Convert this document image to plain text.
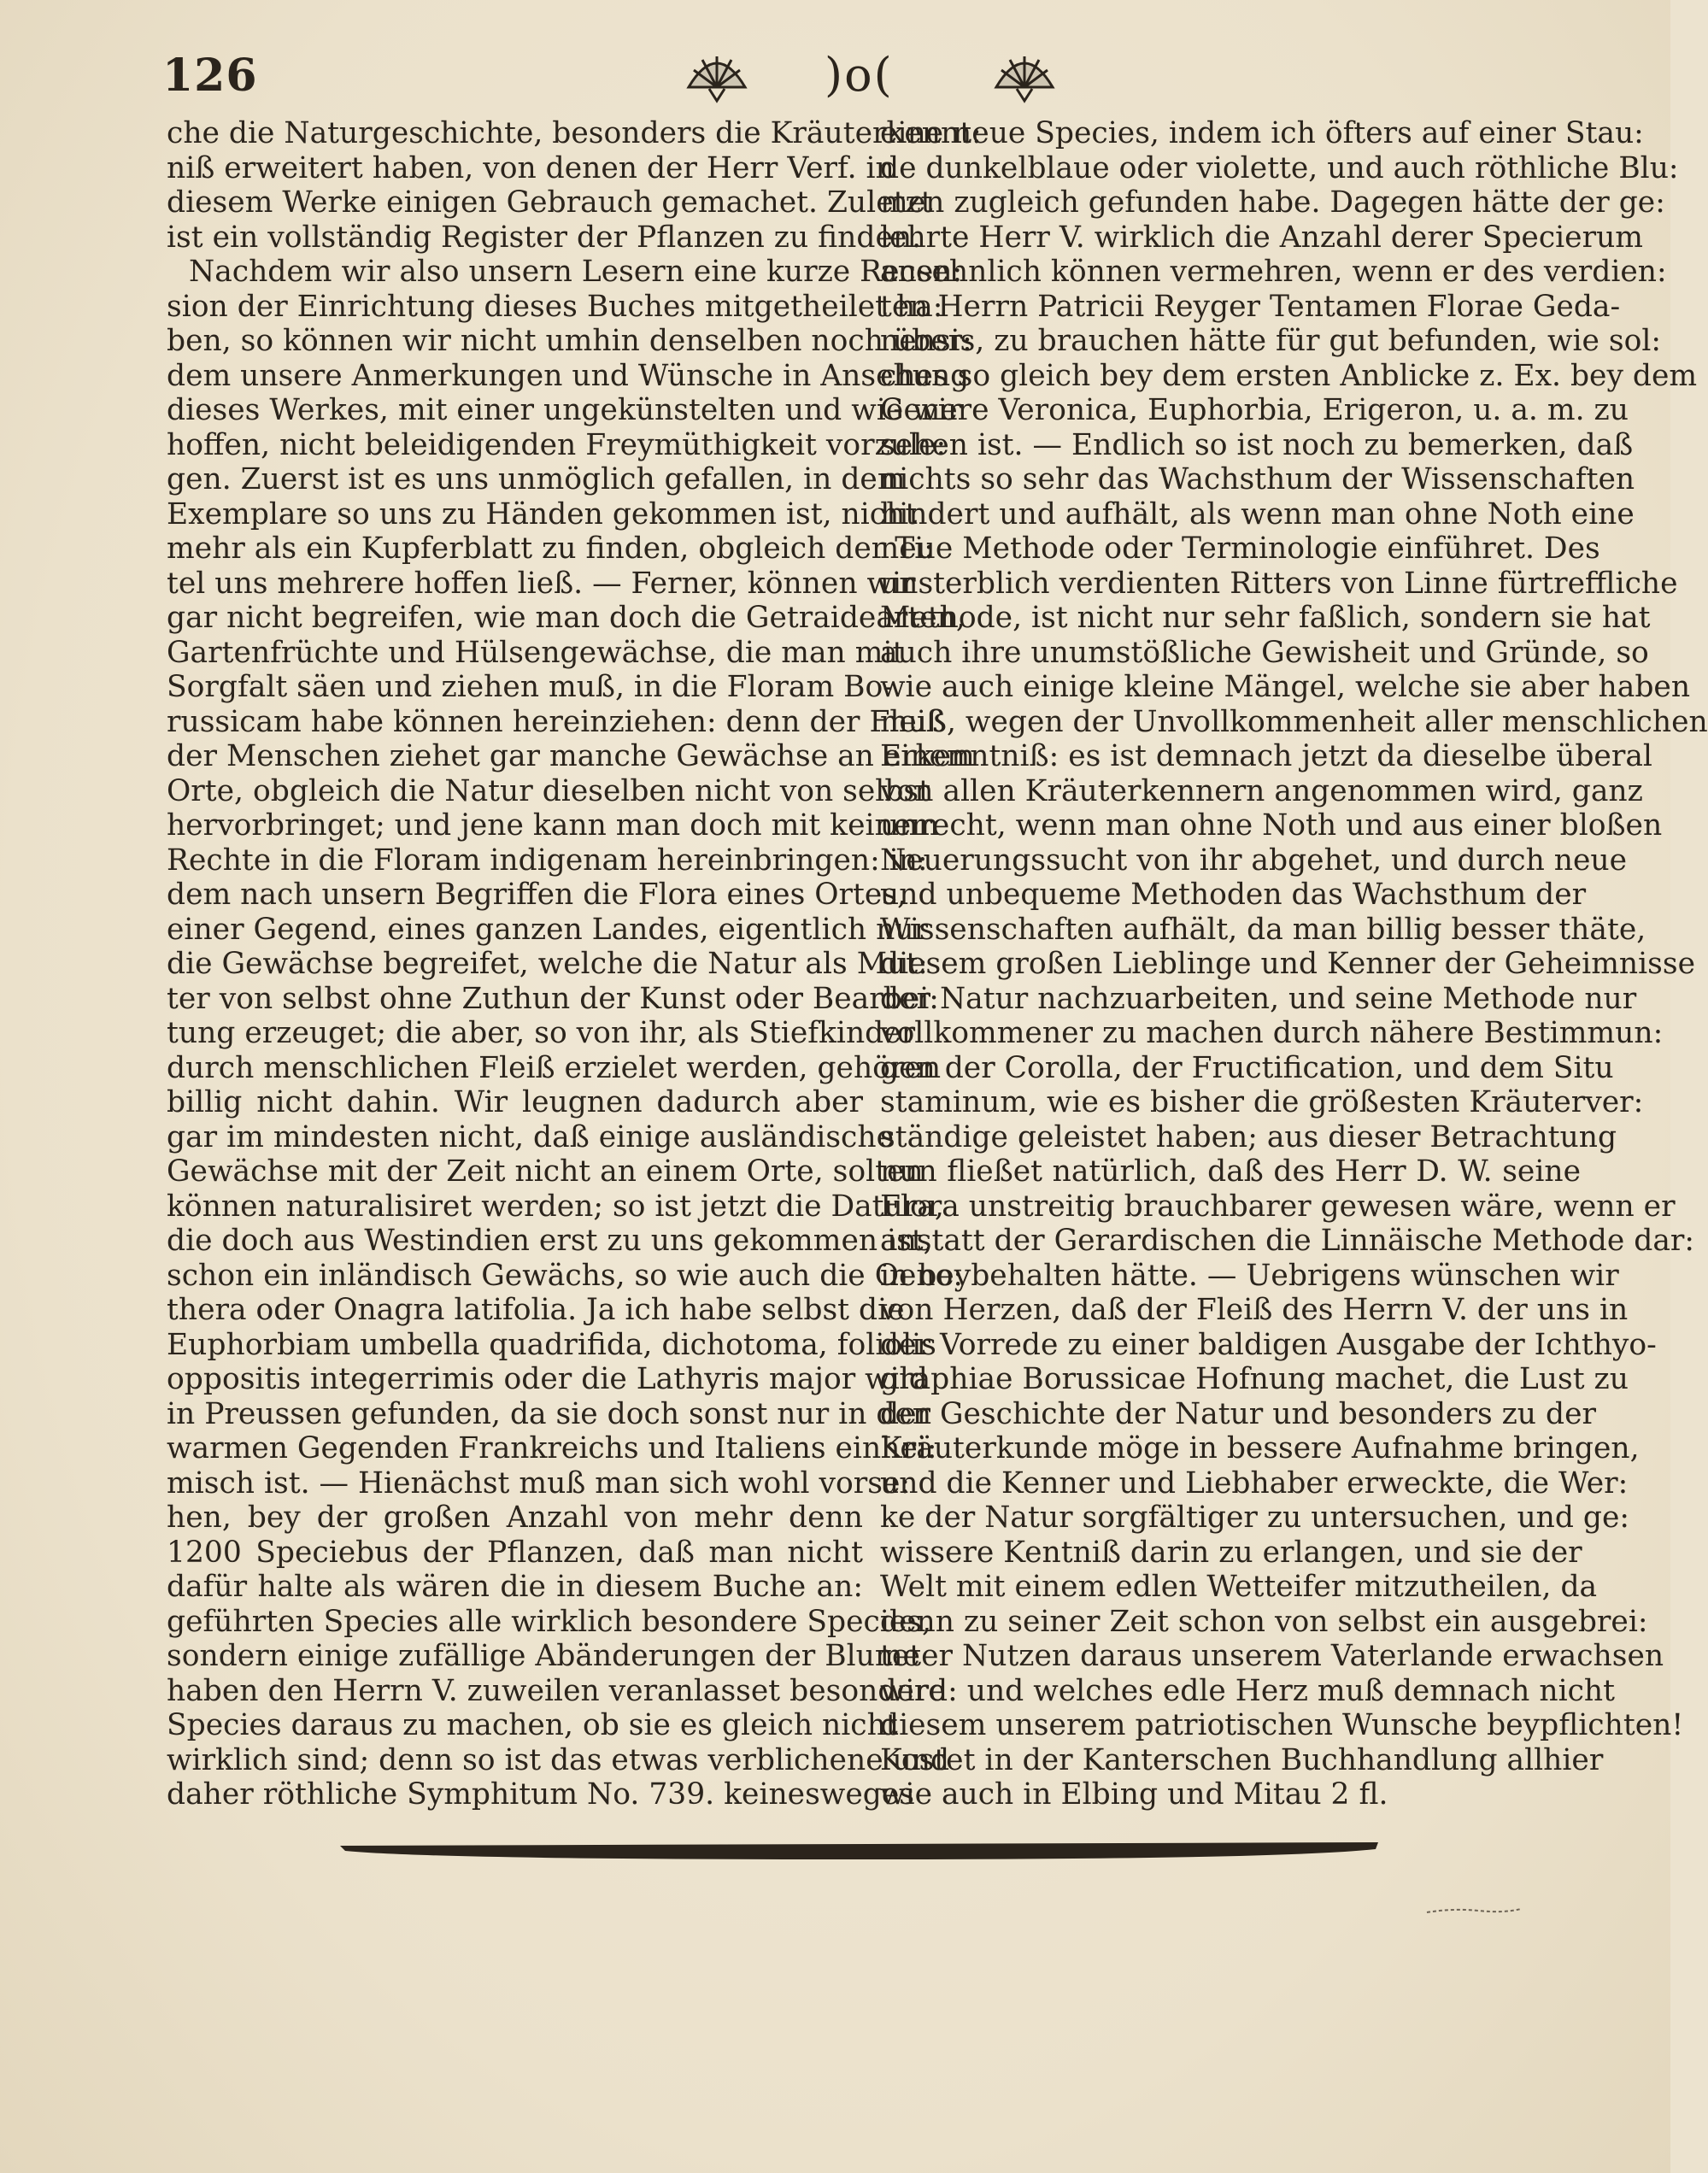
126	)o(
che die Naturgeschichte, besonders die Kräuterkennt:
niß erweitert haben, von denen der Herr Verf. in
diesem Werke einigen Gebrauch gemachet. Zuletzt
ist ein vollständig Register der Pflanzen zu finden.
Nachdem wir also unsern Lesern eine kurze Recen:
sion der Einrichtung dieses Buches mitgetheilet ha:
ben, so können wir nicht umhin denselben noch über:
dem unsere Anmerkungen und Wünsche in Ansehung
dieses Werkes, mit einer ungekünstelten und wie wir
hoffen, nicht beleidigenden Freymüthigkeit vorzule:
gen. Zuerst ist es uns unmöglich gefallen, in dem
Exemplare so uns zu Händen gekommen ist, nicht
mehr als ein Kupferblatt zu finden, obgleich der Ti:
tel uns mehrere hoffen ließ. — Ferner, können wir
gar nicht begreifen, wie man doch die Getraidearten,
Gartenfrüchte und Hülsengewächse, die man mit
Sorgfalt säen und ziehen muß, in die Floram Bo-
russicam habe können hereinziehen: denn der Fleiß
der Menschen ziehet gar manche Gewächse an einem
Orte, obgleich die Natur dieselben nicht von selbst
hervorbringet; und jene kann man doch mit keinem
Rechte in die Floram indigenam hereinbringen: in:
dem nach unsern Begriffen die Flora eines Ortes,
einer Gegend, eines ganzen Landes, eigentlich nur
die Gewächse begreifet, welche die Natur als Mut:
ter von selbst ohne Zuthun der Kunst oder Bearbei:
tung erzeuget; die aber, so von ihr, als Stiefkinder
durch menschlichen Fleiß erzielet werden, gehören
billig nicht dahin. Wir leugnen dadurch aber
gar im mindesten nicht, daß einige ausländische
Gewächse mit der Zeit nicht an einem Orte, solten
können naturalisiret werden; so ist jetzt die Datura,
die doch aus Westindien erst zu uns gekommen ist,
schon ein inländisch Gewächs, so wie auch die Oeno:
thera oder Onagra latifolia. Ja ich habe selbst die
Euphorbiam umbella quadrifida, dichotoma, foliolis
oppositis integerrimis oder die Lathyris major wild
in Preussen gefunden, da sie doch sonst nur in den
warmen Gegenden Frankreichs und Italiens einhei:
misch ist. — Hienächst muß man sich wohl vorse:
hen, bey der großen Anzahl von mehr denn
1200 Speciebus der Pflanzen, daß man nicht
dafür halte als wären die in diesem Buche an:
geführten Species alle wirklich besondere Species,
sondern einige zufällige Abänderungen der Blume
haben den Herrn V. zuweilen veranlasset besondere
Species daraus zu machen, ob sie es gleich nicht
wirklich sind; denn so ist das etwas verblichene und
daher röthliche Symphitum No. 739. keinesweges
eine neue Species, indem ich öfters auf einer Stau:
de dunkelblaue oder violette, und auch röthliche Blu:
men zugleich gefunden habe. Dagegen hätte der ge:
lehrte Herr V. wirklich die Anzahl derer Specierum
ansehnlich können vermehren, wenn er des verdien:
ten Herrn Patricii Reyger Tentamen Florae Geda-
nensis, zu brauchen hätte für gut befunden, wie sol:
ches so gleich bey dem ersten Anblicke z. Ex. bey dem
Genere Veronica, Euphorbia, Erigeron, u. a. m. zu
sehen ist. — Endlich so ist noch zu bemerken, daß
nichts so sehr das Wachsthum der Wissenschaften
hindert und aufhält, als wenn man ohne Noth eine
neue Methode oder Terminologie einführet. Des
unsterblich verdienten Ritters von Linne fürtreffliche
Methode, ist nicht nur sehr faßlich, sondern sie hat
auch ihre unumstößliche Gewisheit und Gründe, so
wie auch einige kleine Mängel, welche sie aber haben
muß, wegen der Unvollkommenheit aller menschlichen
Erkenntniß: es ist demnach jetzt da dieselbe überal
von allen Kräuterkennern angenommen wird, ganz
unrecht, wenn man ohne Noth und aus einer bloßen
Neuerungssucht von ihr abgehet, und durch neue
und unbequeme Methoden das Wachsthum der
Wissenschaften aufhält, da man billig besser thäte,
diesem großen Lieblinge und Kenner der Geheimnisse
der Natur nachzuarbeiten, und seine Methode nur
vollkommener zu machen durch nähere Bestimmun:
gen der Corolla, der Fructification, und dem Situ
staminum, wie es bisher die größesten Kräuterver:
ständige geleistet haben; aus dieser Betrachtung
nun fließet natürlich, daß des Herr D. W. seine
Flora unstreitig brauchbarer gewesen wäre, wenn er
anstatt der Gerardischen die Linnäische Methode dar:
in beybehalten hätte. — Uebrigens wünschen wir
von Herzen, daß der Fleiß des Herrn V. der uns in
der Vorrede zu einer baldigen Ausgabe der Ichthyo-
graphiae Borussicae Hofnung machet, die Lust zu
der Geschichte der Natur und besonders zu der
Kräuterkunde möge in bessere Aufnahme bringen,
und die Kenner und Liebhaber erweckte, die Wer:
ke der Natur sorgfältiger zu untersuchen, und ge:
wissere Kentniß darin zu erlangen, und sie der
Welt mit einem edlen Wetteifer mitzutheilen, da
denn zu seiner Zeit schon von selbst ein ausgebrei:
teter Nutzen daraus unserem Vaterlande erwachsen
wird: und welches edle Herz muß demnach nicht
diesem unserem patriotischen Wunsche beypflichten!
Kostet in der Kanterschen Buchhandlung allhier
wie auch in Elbing und Mitau 2 fl.
